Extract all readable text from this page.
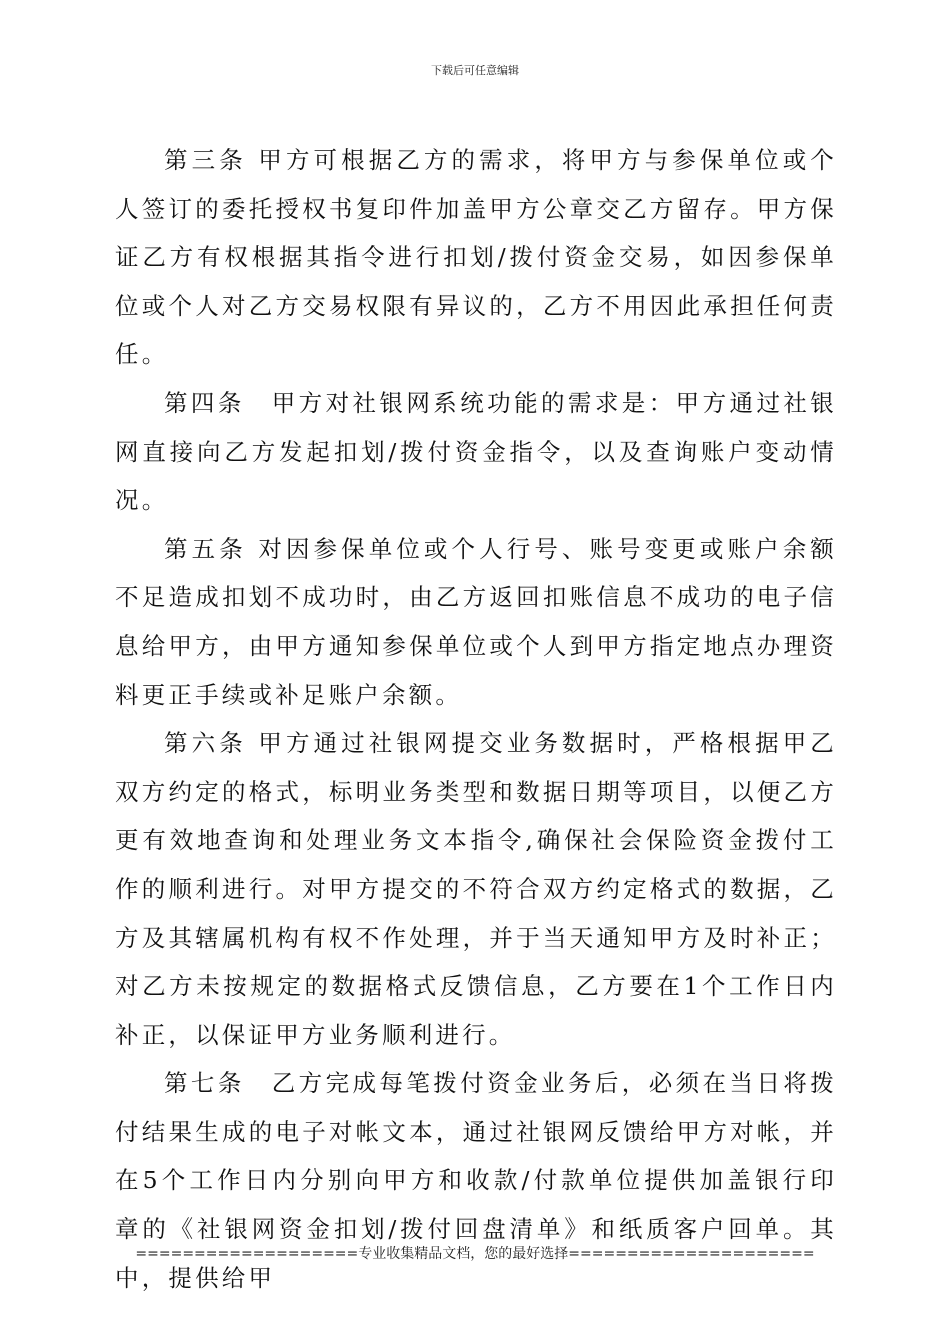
下载后可任意编辑

第三条 甲方可根据乙方的需求，将甲方与参保单位或个人签订的委托授权书复印件加盖甲方公章交乙方留存。甲方保证乙方有权根据其指令进行扣划/拨付资金交易，如因参保单位或个人对乙方交易权限有异议的，乙方不用因此承担任何责任。

第四条　甲方对社银网系统功能的需求是：甲方通过社银网直接向乙方发起扣划/拨付资金指令，以及查询账户变动情况。

第五条 对因参保单位或个人行号、账号变更或账户余额不足造成扣划不成功时，由乙方返回扣账信息不成功的电子信息给甲方，由甲方通知参保单位或个人到甲方指定地点办理资料更正手续或补足账户余额。

第六条 甲方通过社银网提交业务数据时，严格根据甲乙双方约定的格式，标明业务类型和数据日期等项目，以便乙方更有效地查询和处理业务文本指令,确保社会保险资金拨付工作的顺利进行。对甲方提交的不符合双方约定格式的数据，乙方及其辖属机构有权不作处理，并于当天通知甲方及时补正；对乙方未按规定的数据格式反馈信息，乙方要在1个工作日内补正，以保证甲方业务顺利进行。

第七条　乙方完成每笔拨付资金业务后，必须在当日将拨付结果生成的电子对帐文本，通过社银网反馈给甲方对帐，并在5个工作日内分别向甲方和收款/付款单位提供加盖银行印章的《社银网资金扣划/拨付回盘清单》和纸质客户回单。其中，提供给甲

===================专业收集精品文档，您的最好选择=====================
